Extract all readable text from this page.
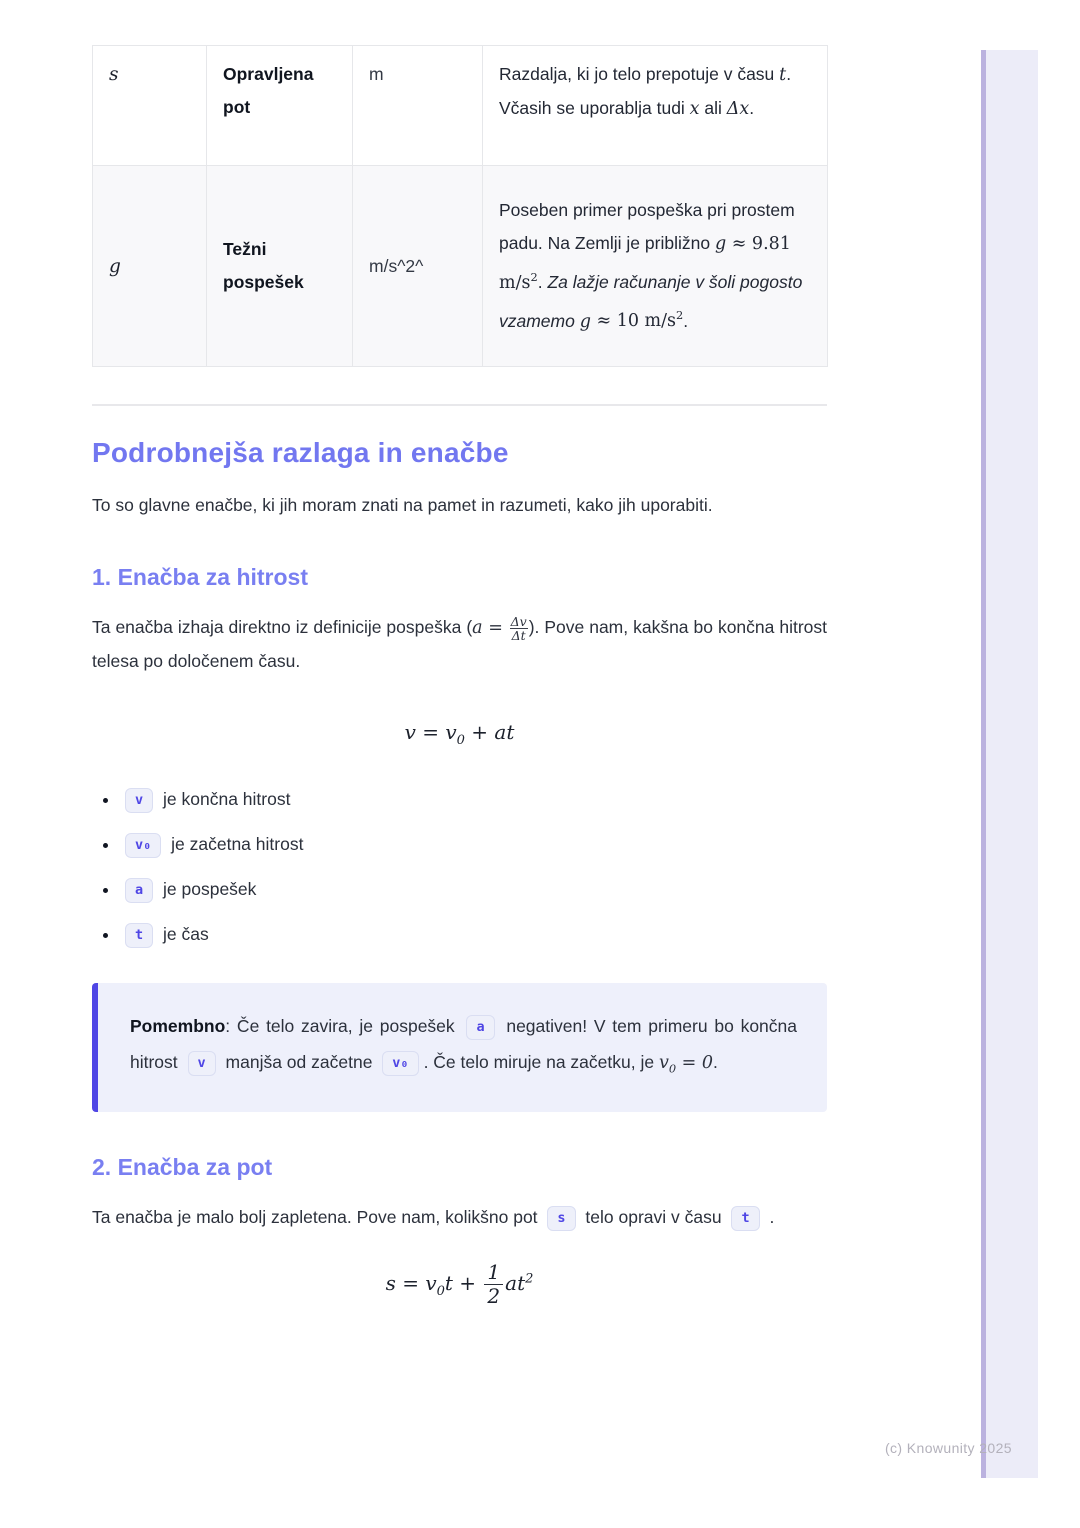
s	Opravljena pot	m	Razdalja, ki jo telo prepotuje v času t. Včasih se uporablja tudi x ali Δx.
g	Težni pospešek	m/s^2^	Poseben primer pospeška pri prostem padu. Na Zemlji je približno g ≈ 9.81 $m/s^2$. Za lažje računanje v šoli pogosto vzamemo g ≈ 10 $m/s^2$.
Podrobnejša razlaga in enačbe

To so glavne enačbe, ki jih moram znati na pamet in razumeti, kako jih uporabiti.

1. Enačba za hitrost

Ta enačba izhaja direktno iz definicije pospeška ($a = \frac{\Delta v}{\Delta t}$ ). Pove nam, kakšna bo končna hitrost telesa po določenem času.

$v = v_0$ + at
• v je končna hitrost
• v₀ je začetna hitrost
• a je pospešek
• t je čas
Pomembno: Če telo zavira, je pospešek a negativen! V tem primeru bo končna hitrost v manjša od začetne v₀ . Če telo miruje na začetku, je $v_0 = 0$.
2. Enačba za pot

Ta enačba je malo bolj zapletena. Pove nam, kolikšno pot s telo opravi v času t .

$s = v_0t + \frac{1}{2} at^2$
(c) Knowunity 2025
